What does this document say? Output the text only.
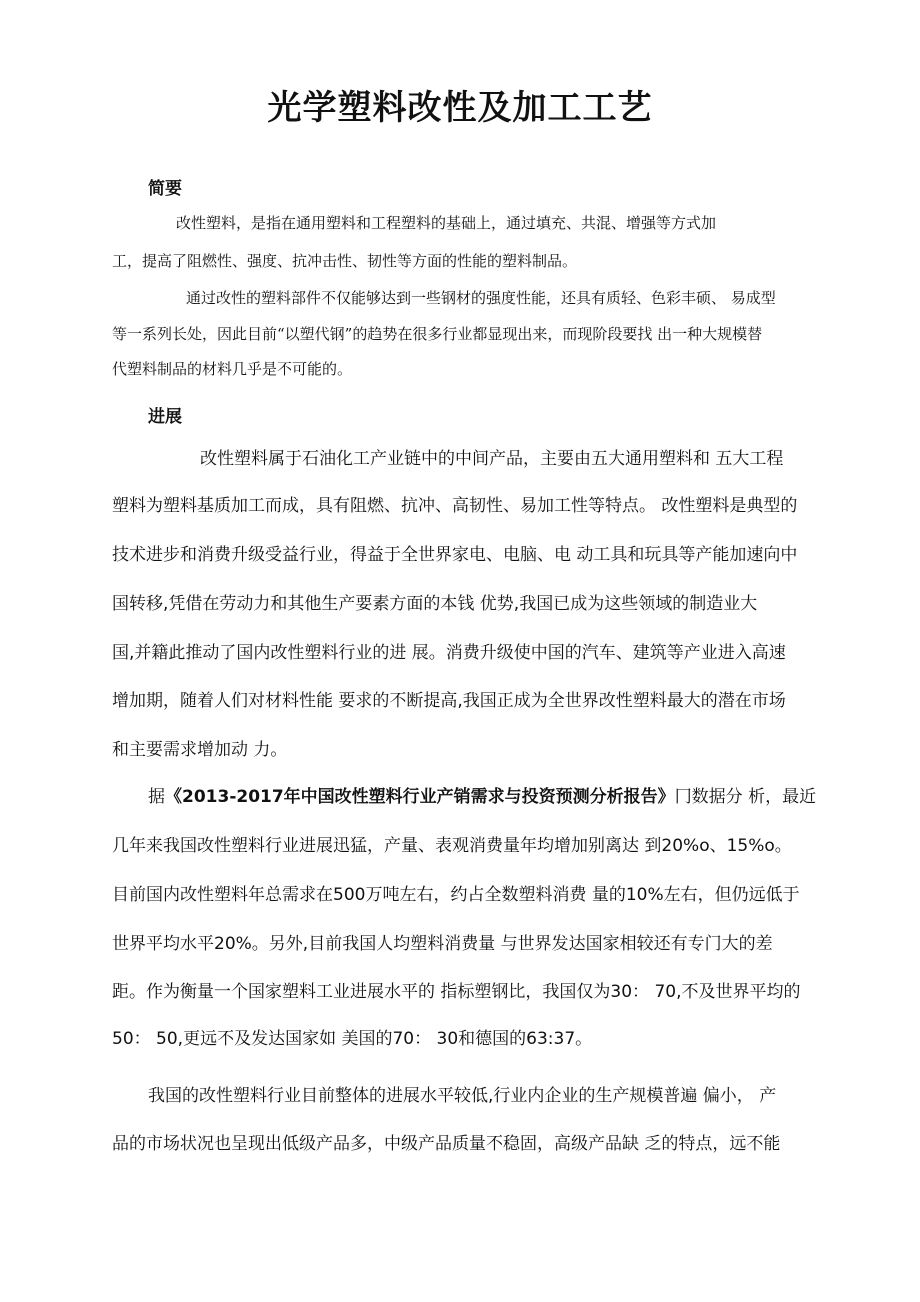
光学塑料改性及加工工艺
简要
改性塑料，是指在通用塑料和工程塑料的基础上，通过填充、共混、增强等方式加
工，提高了阻燃性、强度、抗冲击性、韧性等方面的性能的塑料制品。
通过改性的塑料部件不仅能够达到一些钢材的强度性能，还具有质轻、色彩丰硕、 易成型
等一系列长处，因此目前“以塑代钢”的趋势在很多行业都显现出来，而现阶段要找 出一种大规模替
代塑料制品的材料几乎是不可能的。
进展
改性塑料属于石油化工产业链中的中间产品，主要由五大通用塑料和 五大工程
塑料为塑料基质加工而成，具有阻燃、抗冲、高韧性、易加工性等特点。 改性塑料是典型的
技术进步和消费升级受益行业，得益于全世界家电、电脑、电 动工具和玩具等产能加速向中
国转移,凭借在劳动力和其他生产要素方面的本钱 优势,我国已成为这些领域的制造业大
国,并籍此推动了国内改性塑料行业的进 展。消费升级使中国的汽车、建筑等产业进入高速
增加期，随着人们对材料性能 要求的不断提高,我国正成为全世界改性塑料最大的潜在市场
和主要需求增加动 力。
据《2013-2017年中国改性塑料行业产销需求与投资预测分析报告》冂数据分 析，最近
几年来我国改性塑料行业进展迅猛，产量、表观消费量年均增加别离达 到20%o、15%o。
目前国内改性塑料年总需求在500万吨左右，约占全数塑料消费 量的10%左右，但仍远低于
世界平均水平20%。另外,目前我国人均塑料消费量 与世界发达国家相较还有专门大的差
距。作为衡量一个国家塑料工业进展水平的 指标塑钢比，我国仅为30： 70,不及世界平均的
50： 50,更远不及发达国家如 美国的70： 30和德国的63:37。
我国的改性塑料行业目前整体的进展水平较低,行业内企业的生产规模普遍 偏小， 产
品的市场状况也呈现出低级产品多，中级产品质量不稳固，高级产品缺 乏的特点，远不能
